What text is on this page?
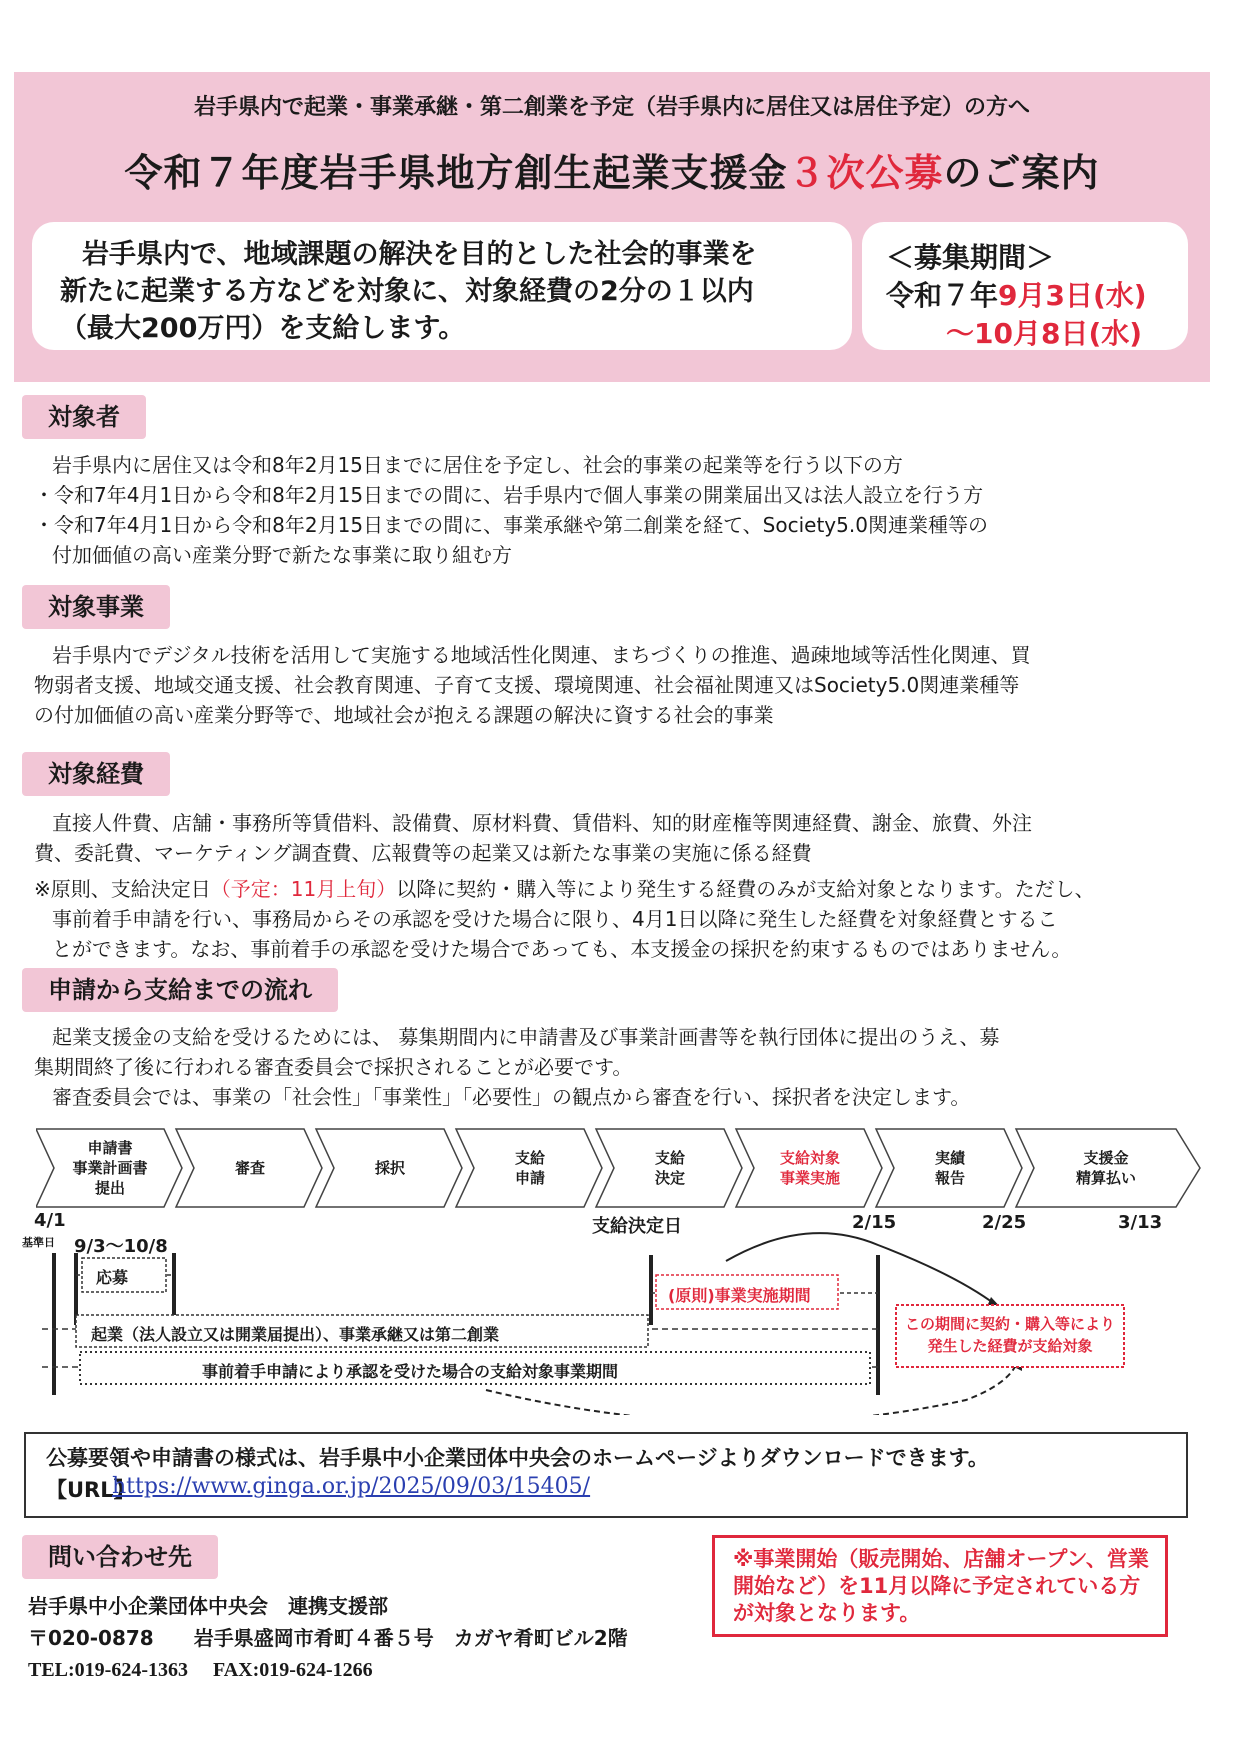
岩手県内で起業・事業承継・第二創業を予定（岩手県内に居住又は居住予定）の方へ
令和７年度岩手県地方創生起業支援金３次公募のご案内
岩手県内で、地域課題の解決を目的とした社会的事業を
新たに起業する方などを対象に、対象経費の2分の１以内
（最大200万円）を支給します。
＜募集期間＞
令和７年9月3日(水)
～10月8日(水)
対象者
岩手県内に居住又は令和8年2月15日までに居住を予定し、社会的事業の起業等を行う以下の方
・令和7年4月1日から令和8年2月15日までの間に、岩手県内で個人事業の開業届出又は法人設立を行う方
・令和7年4月1日から令和8年2月15日までの間に、事業承継や第二創業を経て、Society5.0関連業種等の
付加価値の高い産業分野で新たな事業に取り組む方
対象事業
岩手県内でデジタル技術を活用して実施する地域活性化関連、まちづくりの推進、過疎地域等活性化関連、買
物弱者支援、地域交通支援、社会教育関連、子育て支援、環境関連、社会福祉関連又はSociety5.0関連業種等
の付加価値の高い産業分野等で、地域社会が抱える課題の解決に資する社会的事業
対象経費
直接人件費、店舗・事務所等賃借料、設備費、原材料費、賃借料、知的財産権等関連経費、謝金、旅費、外注
費、委託費、マーケティング調査費、広報費等の起業又は新たな事業の実施に係る経費
※原則、支給決定日（予定：11月上旬）以降に契約・購入等により発生する経費のみが支給対象となります。ただし、
事前着手申請を行い、事務局からその承認を受けた場合に限り、4月1日以降に発生した経費を対象経費とするこ
とができます。なお、事前着手の承認を受けた場合であっても、本支援金の採択を約束するものではありません。
申請から支給までの流れ
起業支援金の支給を受けるためには、 募集期間内に申請書及び事業計画書等を執行団体に提出のうえ、募
集期間終了後に行われる審査委員会で採択されることが必要です。
審査委員会では、事業の「社会性」「事業性」「必要性」の観点から審査を行い、採択者を決定します。
申請書
事業計画書
提出
審査	採択
支給
申請
支給
決定
支給対象
事業実施
実績
報告
支援金
精算払い
支給決定日
4/1
基準日 9/3～10/8
2/15	2/25	3/13
応募
(原則)事業実施期間
起業（法人設立又は開業届提出）、事業承継又は第二創業
事前着手申請により承認を受けた場合の支給対象事業期間
この期間に契約・購入等により
発生した経費が支給対象
公募要領や申請書の様式は、岩手県中小企業団体中央会のホームページよりダウンロードできます。
【URL】
https://www.ginga.or.jp/2025/09/03/15405/
問い合わせ先
岩手県中小企業団体中央会　連携支援部
〒020-0878　　岩手県盛岡市肴町４番５号　カガヤ肴町ビル2階
TEL:019-624-1363　 FAX:019-624-1266
※事業開始（販売開始、店舗オープン、営業開始など）を11月以降に予定されている方が対象となります。
